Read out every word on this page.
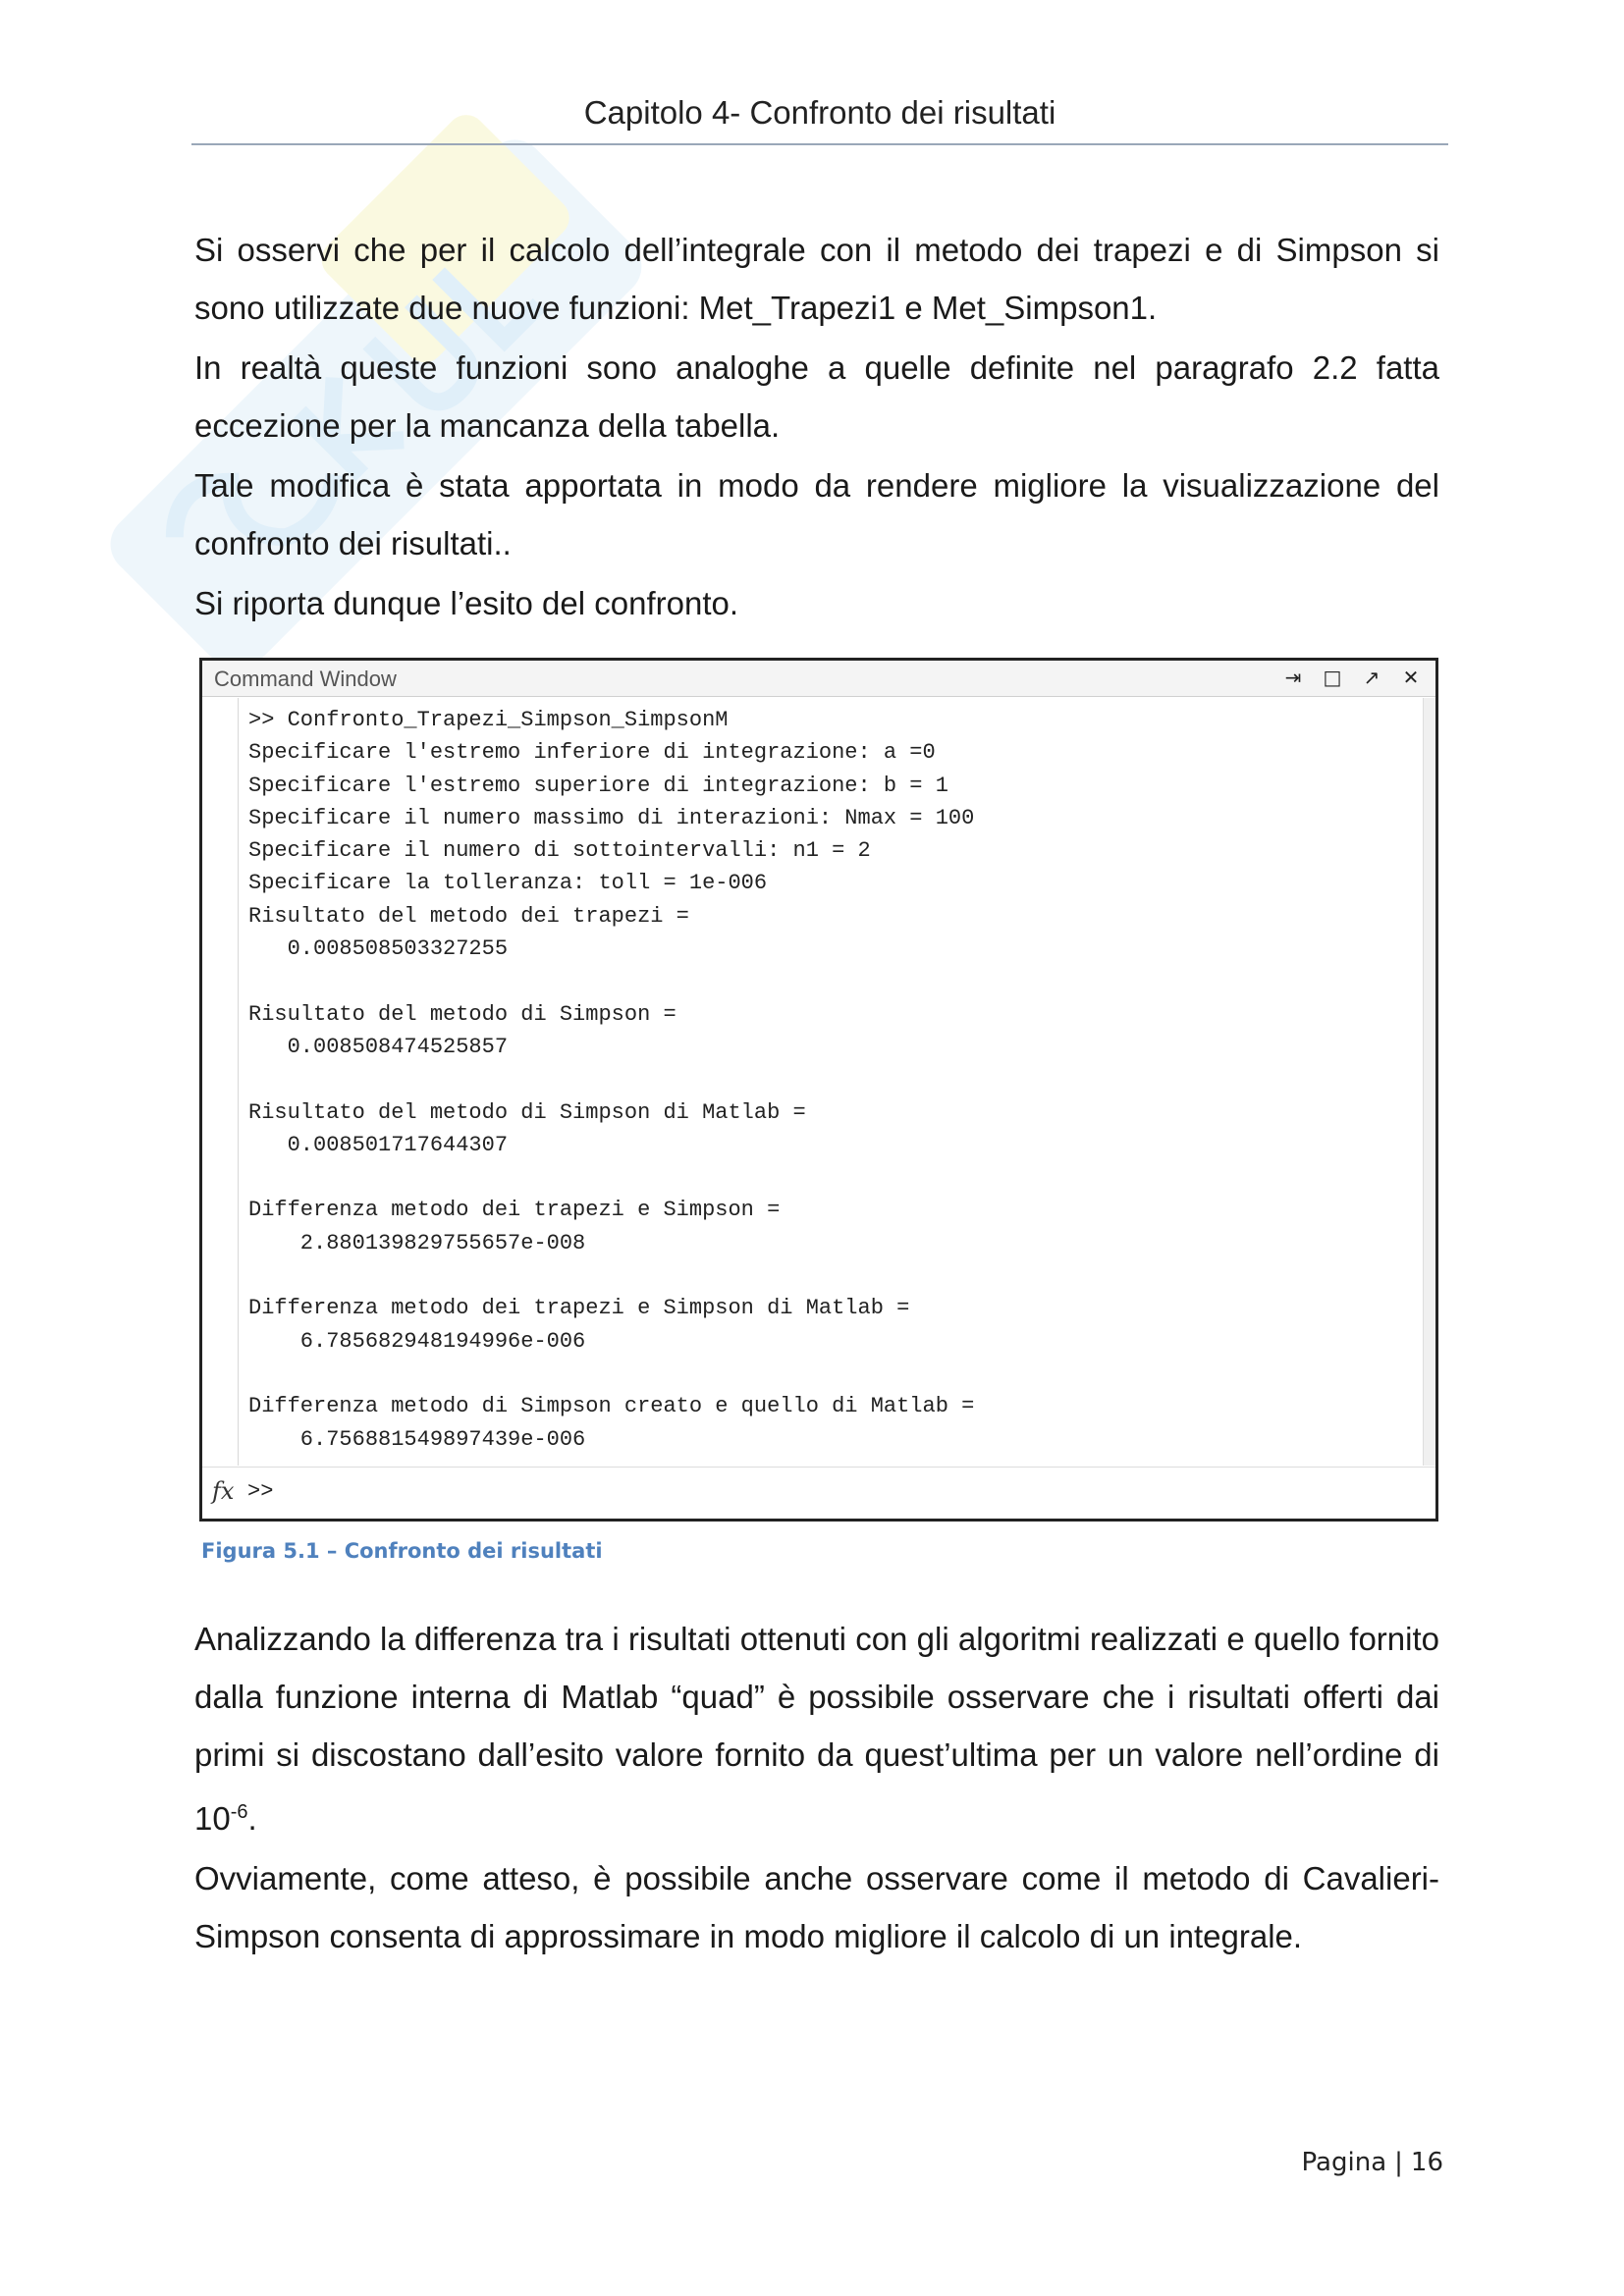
Capitolo 4- Confronto dei risultati

Si osservi che per il calcolo dell’integrale con il metodo dei trapezi e di Simpson si sono utilizzate due nuove funzioni: Met_Trapezi1 e Met_Simpson1.

In realtà queste funzioni sono analoghe a quelle definite nel paragrafo 2.2 fatta eccezione per la mancanza della tabella.

Tale modifica è stata apportata in modo da rendere migliore la visualizzazione del confronto dei risultati..

Si riporta dunque l’esito del confronto.

Command Window	⇥ □ ↗ ✕
>> Confronto_Trapezi_Simpson_SimpsonM
Specificare l'estremo inferiore di integrazione: a =0
Specificare l'estremo superiore di integrazione: b = 1
Specificare il numero massimo di interazioni: Nmax = 100
Specificare il numero di sottointervalli: n1 = 2
Specificare la tolleranza: toll = 1e-006
Risultato del metodo dei trapezi =
0.008508503327255

Risultato del metodo di Simpson =
0.008508474525857

Risultato del metodo di Simpson di Matlab =
0.008501717644307

Differenza metodo dei trapezi e Simpson =
2.880139829755657e-008

Differenza metodo dei trapezi e Simpson di Matlab =
6.785682948194996e-006

Differenza metodo di Simpson creato e quello di Matlab =
6.756881549897439e-006
fx >>
Figura 5.1 – Confronto dei risultati

Analizzando la differenza tra i risultati ottenuti con gli algoritmi realizzati e quello fornito dalla funzione interna di Matlab “quad” è possibile osservare che i risultati offerti dai primi si discostano dall’esito valore fornito da quest’ultima per un valore nell’ordine di $10^{-6}$.

Ovviamente, come atteso, è possibile anche osservare come il metodo di Cavalieri-Simpson consenta di approssimare in modo migliore il calcolo di un integrale.

Pagina | 16
